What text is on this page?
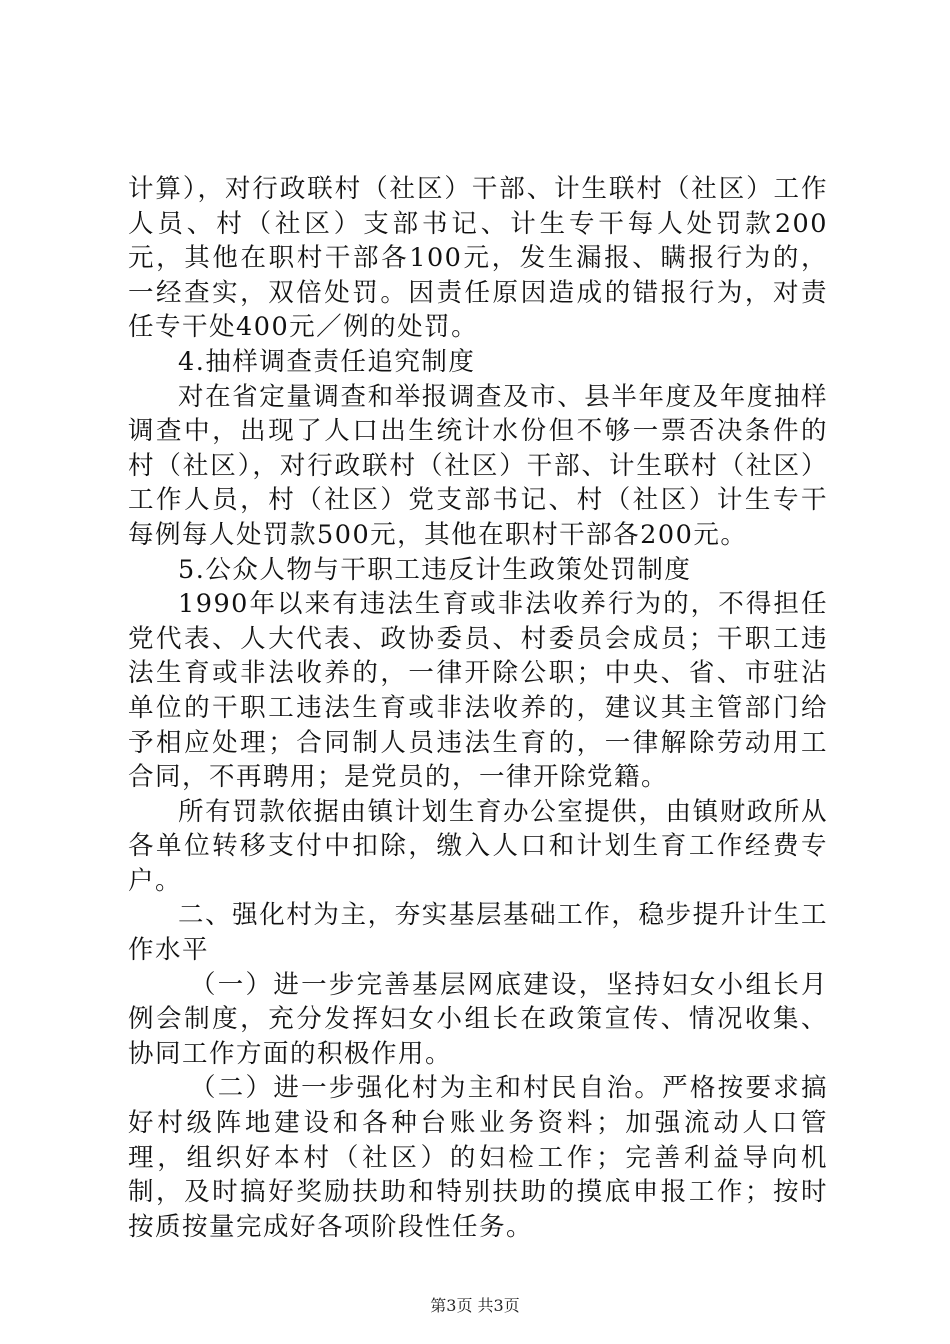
计算），对行政联村（社区）干部、计生联村（社区）工作人员、村（社区）支部书记、计生专干每人处罚款200元，其他在职村干部各100元，发生漏报、瞒报行为的，一经查实，双倍处罚。因责任原因造成的错报行为，对责任专干处400元／例的处罚。

4.抽样调查责任追究制度

对在省定量调查和举报调查及市、县半年度及年度抽样调查中，出现了人口出生统计水份但不够一票否决条件的村（社区），对行政联村（社区）干部、计生联村（社区）工作人员，村（社区）党支部书记、村（社区）计生专干每例每人处罚款500元，其他在职村干部各200元。

5.公众人物与干职工违反计生政策处罚制度

1990年以来有违法生育或非法收养行为的，不得担任党代表、人大代表、政协委员、村委员会成员；干职工违法生育或非法收养的，一律开除公职；中央、省、市驻沾单位的干职工违法生育或非法收养的，建议其主管部门给予相应处理；合同制人员违法生育的，一律解除劳动用工合同，不再聘用；是党员的，一律开除党籍。

所有罚款依据由镇计划生育办公室提供，由镇财政所从各单位转移支付中扣除，缴入人口和计划生育工作经费专户。

二、强化村为主，夯实基层基础工作，稳步提升计生工作水平

（一）进一步完善基层网底建设，坚持妇女小组长月例会制度，充分发挥妇女小组长在政策宣传、情况收集、协同工作方面的积极作用。

（二）进一步强化村为主和村民自治。严格按要求搞好村级阵地建设和各种台账业务资料；加强流动人口管理，组织好本村（社区）的妇检工作；完善利益导向机制，及时搞好奖励扶助和特别扶助的摸底申报工作；按时按质按量完成好各项阶段性任务。

第3页 共3页
